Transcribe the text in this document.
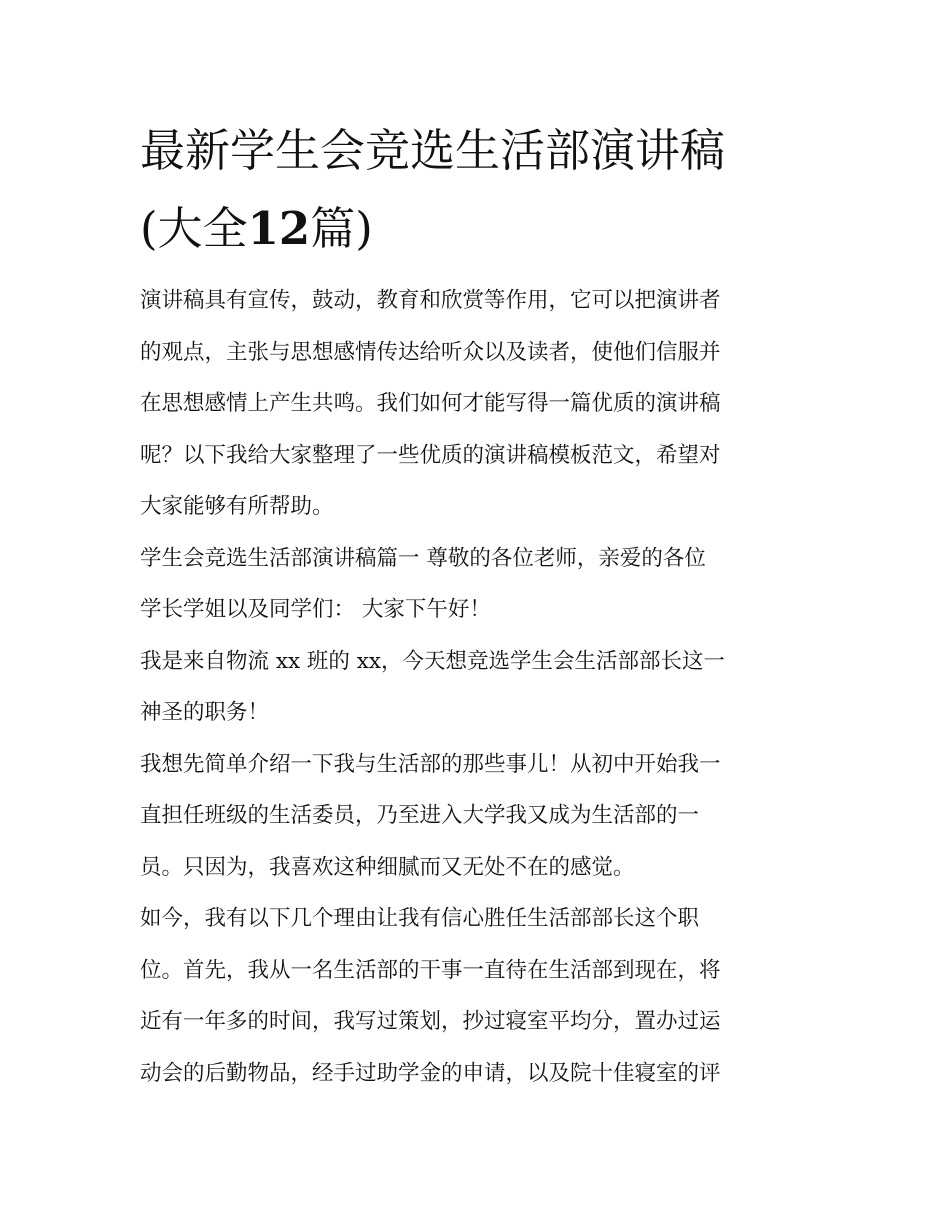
最新学生会竞选生活部演讲稿
(大全12篇)
演讲稿具有宣传，鼓动，教育和欣赏等作用，它可以把演讲者
的观点，主张与思想感情传达给听众以及读者，使他们信服并
在思想感情上产生共鸣。我们如何才能写得一篇优质的演讲稿
呢？以下我给大家整理了一些优质的演讲稿模板范文，希望对
大家能够有所帮助。
学生会竞选生活部演讲稿篇一 尊敬的各位老师，亲爱的各位
学长学姐以及同学们： 大家下午好！
我是来自物流 xx 班的 xx，今天想竞选学生会生活部部长这一
神圣的职务！
我想先简单介绍一下我与生活部的那些事儿！从初中开始我一
直担任班级的生活委员，乃至进入大学我又成为生活部的一
员。只因为，我喜欢这种细腻而又无处不在的感觉。
如今，我有以下几个理由让我有信心胜任生活部部长这个职
位。首先，我从一名生活部的干事一直待在生活部到现在，将
近有一年多的时间，我写过策划，抄过寝室平均分，置办过运
动会的后勤物品，经手过助学金的申请，以及院十佳寝室的评
